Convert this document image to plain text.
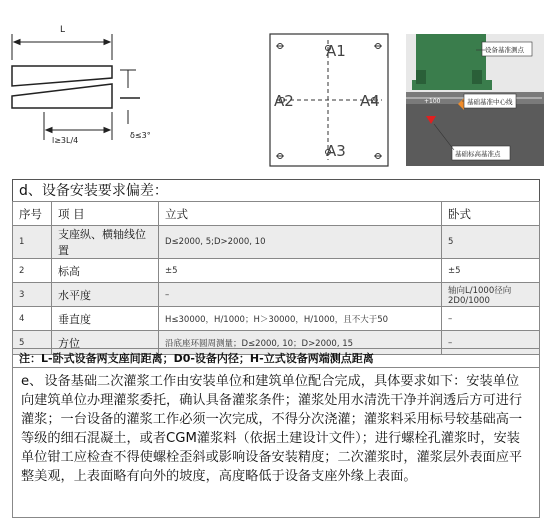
L
l≥3L/4
δ≤3°
A1
A2	A4
A3
+100
设备基准测点
基础基准中心线
基础标高基准点
d、设备安装要求偏差：
序号	项 目	立式	卧式
1	支座纵、横轴线位置	D≤2000, 5;D>2000, 10	5
2	标高	±5	±5
3	水平度	–	轴向L/1000径向2D0/1000
4	垂直度	H≤30000，H/1000；H＞30000，H/1000，且不大于50	–
5	方位	沿底座环圆周测量；D≤2000, 10；D>2000, 15	–
注：L-卧式设备两支座间距离；D0-设备内径；H-立式设备两端测点距离
e、 设备基础二次灌浆工作由安装单位和建筑单位配合完成，具体要求如下：安装单位向建筑单位办理灌浆委托，确认具备灌浆条件；灌浆处用水清洗干净并润透后方可进行灌浆；一台设备的灌浆工作必须一次完成，不得分次浇灌；灌浆料采用标号较基础高一等级的细石混凝土，或者CGM灌浆料（依据土建设计文件）；进行螺栓孔灌浆时，安装单位钳工应检查不得使螺栓歪斜或影响设备安装精度；二次灌浆时，灌浆层外表面应平整美观，上表面略有向外的坡度，高度略低于设备支座外缘上表面。
